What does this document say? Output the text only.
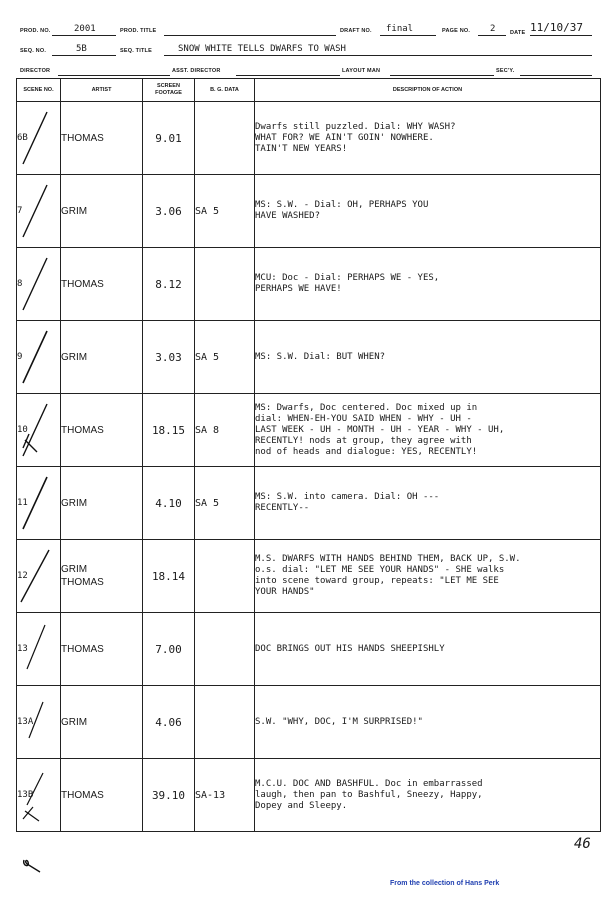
PROD. NO.	2001	PROD. TITLE	DRAFT NO. final	PAGE NO. 2	DATE 11/10/37
SEQ. NO.	5B	SEQ. TITLE	SNOW WHITE TELLS DWARFS TO WASH
DIRECTOR	ASST. DIRECTOR	LAYOUT MAN	SEC'Y.
SCENE NO.	ARTIST	SCREEN FOOTAGE	B. G. DATA	DESCRIPTION OF ACTION
6B	THOMAS	9.01		Dwarfs still puzzled. Dial: WHY WASH?
WHAT FOR? WE AIN'T GOIN' NOWHERE.
TAIN'T NEW YEARS!
7	GRIM	3.06	SA 5	MS: S.W. - Dial: OH, PERHAPS YOU
HAVE WASHED?
8	THOMAS	8.12		MCU: Doc - Dial: PERHAPS WE - YES,
PERHAPS WE HAVE!
9	GRIM	3.03	SA 5	MS: S.W. Dial: BUT WHEN?
10	THOMAS	18.15	SA 8	MS: Dwarfs, Doc centered. Doc mixed up in
dial: WHEN-EH-YOU SAID WHEN - WHY - UH -
LAST WEEK - UH - MONTH - UH - YEAR - WHY - UH,
RECENTLY! nods at group, they agree with
nod of heads and dialogue: YES, RECENTLY!
11	GRIM	4.10	SA 5	MS: S.W. into camera. Dial: OH ---
RECENTLY--
12	GRIM
THOMAS	18.14		M.S. DWARFS WITH HANDS BEHIND THEM, BACK UP, S.W.
o.s. dial: "LET ME SEE YOUR HANDS" - SHE walks
into scene toward group, repeats: "LET ME SEE
YOUR HANDS"
13	THOMAS	7.00		DOC BRINGS OUT HIS HANDS SHEEPISHLY
13A	GRIM	4.06		S.W. "WHY, DOC, I'M SURPRISED!"
13B	THOMAS	39.10	SA-13	M.C.U. DOC AND BASHFUL. Doc in embarrassed
laugh, then pan to Bashful, Sneezy, Happy,
Dopey and Sleepy.
46
From the collection of Hans Perk
